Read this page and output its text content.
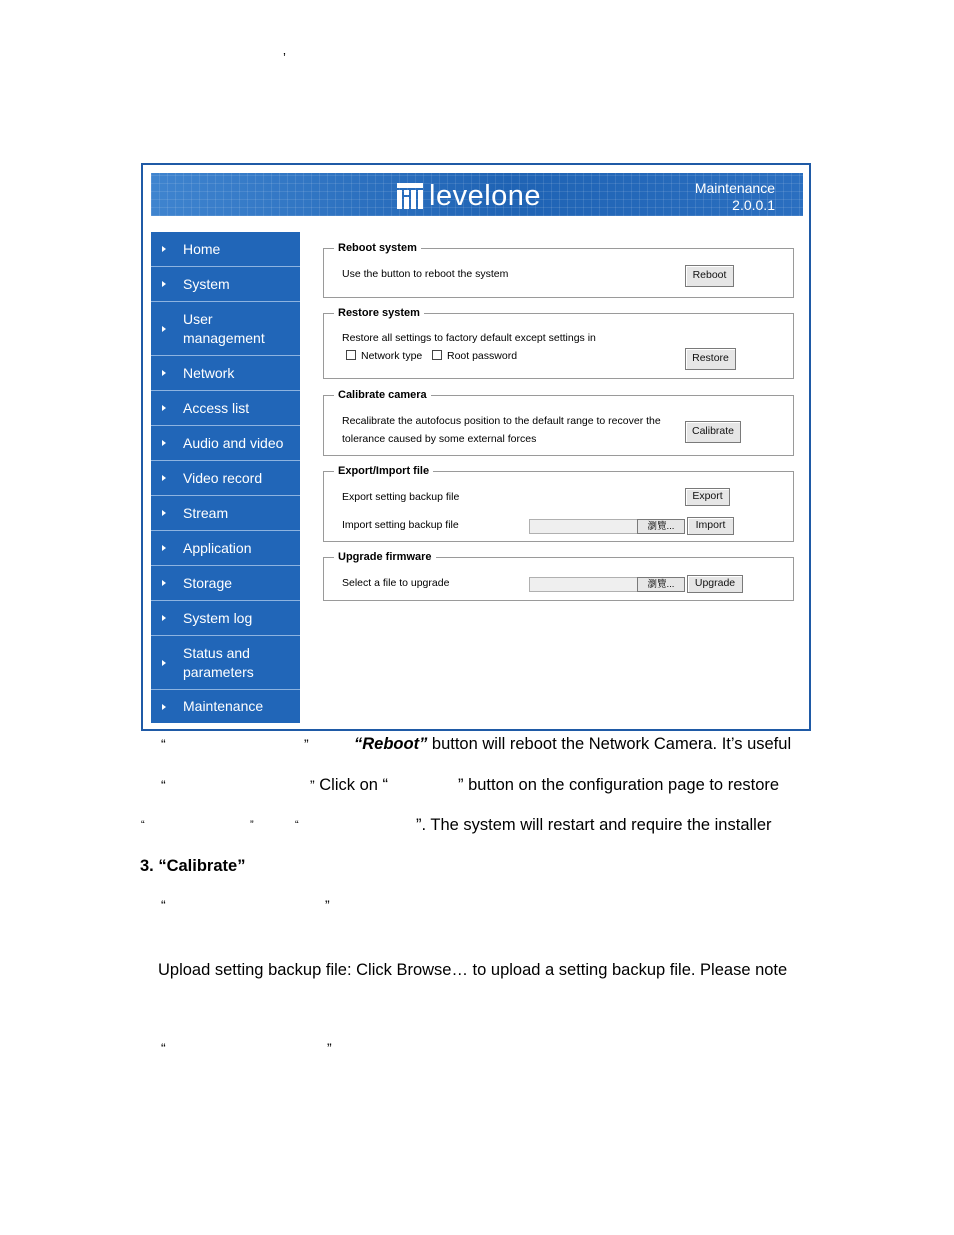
’
levelone	Maintenance
2.0.0.1
Home
System
User management
Network
Access list
Audio and video
Video record
Stream
Application
Storage
System log
Status and parameters
Maintenance
Reboot system
Use the button to reboot the system	Reboot
Restore system
Restore all settings to factory default except settings in
Network type	Root password	Restore
Calibrate camera
Recalibrate the autofocus position to the default range to recover the
tolerance caused by some external forces
Calibrate
Export/Import file
Export setting backup file	Export
Import setting backup file	瀏覽...	Import
Upgrade firmware
Select a file to upgrade	瀏覽...	Upgrade
“	”	“Reboot” button will reboot the Network Camera. It’s useful
“	” Click on “	” button on the configuration page to restore
“	”	“	”. The system will restart and require the installer
3. “Calibrate”
“	”
Upload setting backup file: Click Browse… to upload a setting backup file. Please note
“	”
